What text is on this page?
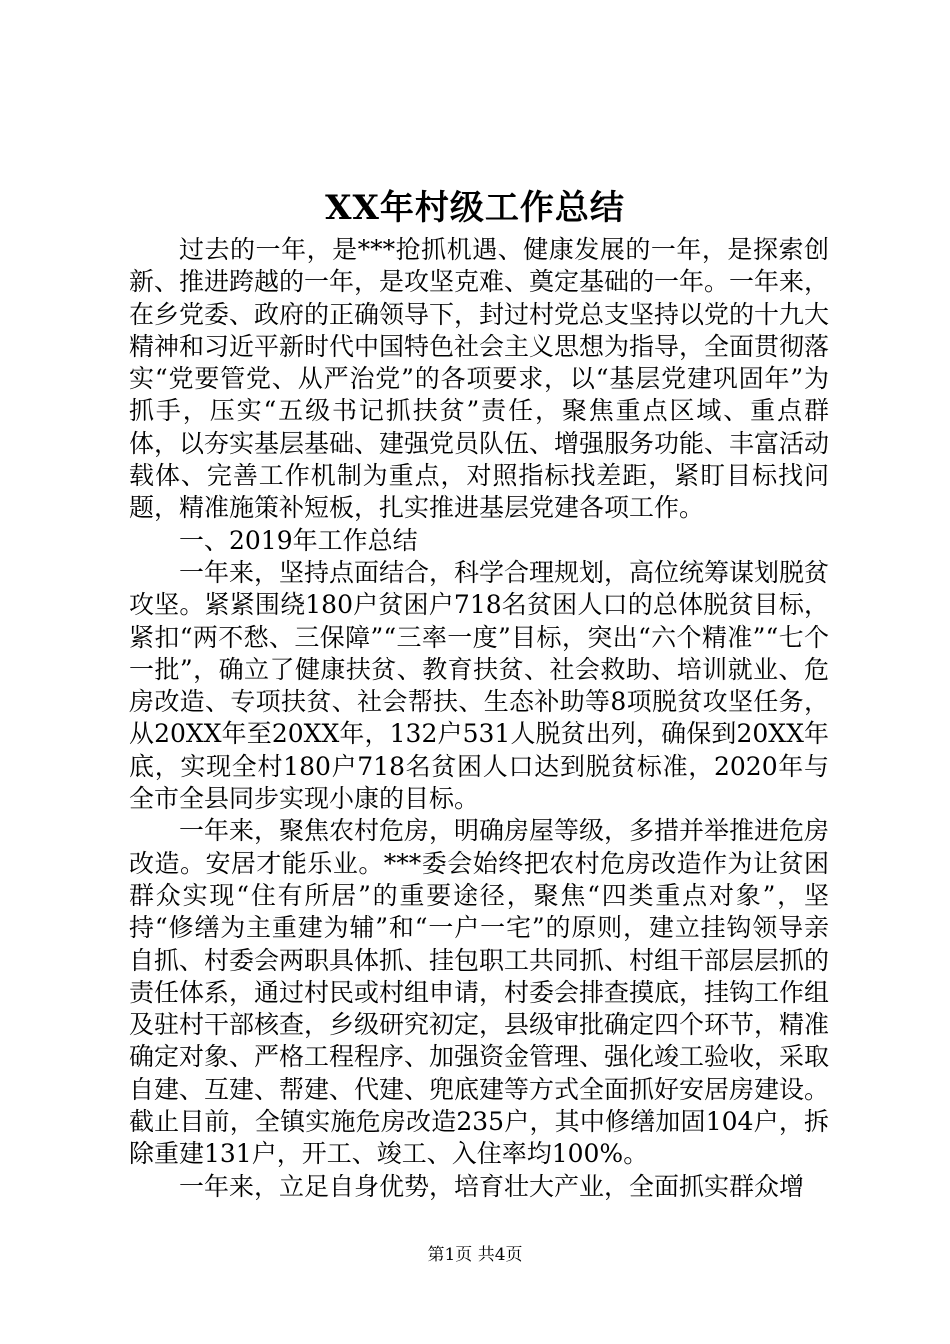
XX年村级工作总结

过去的一年，是***抢抓机遇、健康发展的一年，是探索创新、推进跨越的一年，是攻坚克难、奠定基础的一年。一年来，在乡党委、政府的正确领导下，封过村党总支坚持以党的十九大精神和习近平新时代中国特色社会主义思想为指导，全面贯彻落实“党要管党、从严治党”的各项要求，以“基层党建巩固年”为抓手，压实“五级书记抓扶贫”责任，聚焦重点区域、重点群体，以夯实基层基础、建强党员队伍、增强服务功能、丰富活动载体、完善工作机制为重点，对照指标找差距，紧盯目标找问题，精准施策补短板，扎实推进基层党建各项工作。

一、2019年工作总结

一年来，坚持点面结合，科学合理规划，高位统筹谋划脱贫攻坚。紧紧围绕180户贫困户718名贫困人口的总体脱贫目标，紧扣“两不愁、三保障”“三率一度”目标，突出“六个精准”“七个一批”，确立了健康扶贫、教育扶贫、社会救助、培训就业、危房改造、专项扶贫、社会帮扶、生态补助等8项脱贫攻坚任务，从20XX年至20XX年，132户531人脱贫出列，确保到20XX年底，实现全村180户718名贫困人口达到脱贫标准，2020年与全市全县同步实现小康的目标。

一年来，聚焦农村危房，明确房屋等级，多措并举推进危房改造。安居才能乐业。***委会始终把农村危房改造作为让贫困群众实现“住有所居”的重要途径，聚焦“四类重点对象”，坚持“修缮为主重建为辅”和“一户一宅”的原则，建立挂钩领导亲自抓、村委会两职具体抓、挂包职工共同抓、村组干部层层抓的责任体系，通过村民或村组申请，村委会排查摸底，挂钩工作组及驻村干部核查，乡级研究初定，县级审批确定四个环节，精准确定对象、严格工程程序、加强资金管理、强化竣工验收，采取自建、互建、帮建、代建、兜底建等方式全面抓好安居房建设。截止目前，全镇实施危房改造235户，其中修缮加固104户，拆除重建131户，开工、竣工、入住率均100%。

一年来，立足自身优势，培育壮大产业，全面抓实群众增

第1页 共4页
